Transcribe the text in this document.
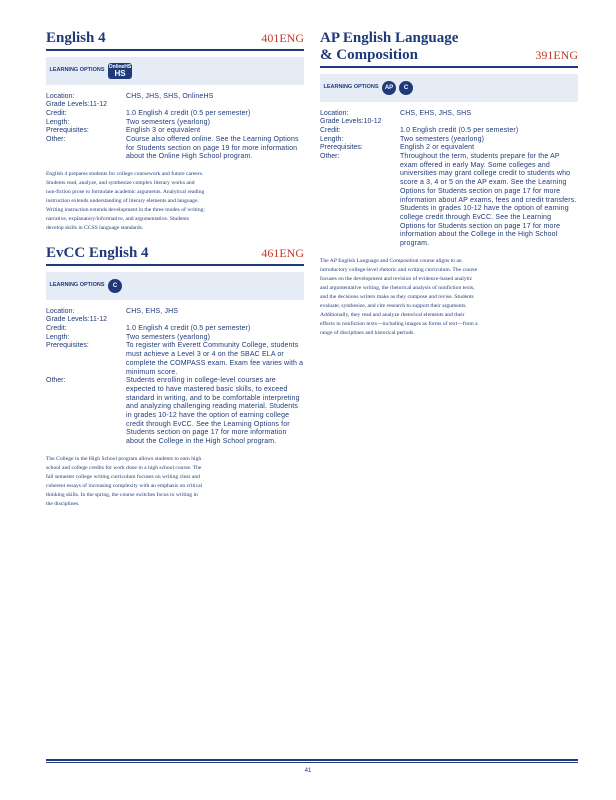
English 4	401ENG
LEARNING OPTIONS
OnlineHS
HS
Location:	CHS, JHS, SHS, OnlineHS
Grade Levels:11-12
Credit:	1.0 English 4 credit (0.5 per semester)
Length:	Two semesters (yearlong)
Prerequisites:	English 3 or equivalent
Other:	Course also offered online. See the Learning Options for Students section on page 19 for more information about the Online High School program.
English 4 prepares students for college coursework and future careers. Students read, analyze, and synthesize complex literary works and non-fiction prose to formulate academic arguments. Analytical reading instruction extends understanding of literary elements and language. Writing instruction extends development in the three modes of writing: narrative, explanatory/informative, and argumentative. Students develop skills in CCSS language standards.
EvCC English 4	461ENG
LEARNING OPTIONS	C
Location:	CHS, EHS, JHS
Grade Levels:11-12
Credit:	1.0 English 4 credit (0.5 per semester)
Length:	Two semesters (yearlong)
Prerequisites:	To register with Everett Community College, students must achieve a Level 3 or 4 on the SBAC ELA or complete the COMPASS exam. Exam fee varies with a minimum score.
Other:	Students enrolling in college-level courses are expected to have mastered basic skills, to exceed standard in writing, and to be comfortable interpreting and analyzing challenging reading material. Students in grades 10-12 have the option of earning college credit through EvCC. See the Learning Options for Students section on page 17 for more information about the College in the High School program.
The College in the High School program allows students to earn high school and college credits for work done in a high school course. The fall semester college writing curriculum focuses on writing clear and coherent essays of increasing complexity with an emphasis on critical thinking skills. In the spring, the course switches focus to writing in the disciplines.
AP English Language
& Composition	391ENG
LEARNING OPTIONS	AP	C
Location:	CHS, EHS, JHS, SHS
Grade Levels:10-12
Credit:	1.0 English credit (0.5 per semester)
Length:	Two semesters (yearlong)
Prerequisites:	English 2 or equivalent
Other:	Throughout the term, students prepare for the AP exam offered in early May. Some colleges and universities may grant college credit to students who score a 3, 4 or 5 on the AP exam. See the Learning Options for Students section on page 17 for more information about AP exams, fees and credit transfers. Students in grades 10-12 have the option of earning college credit through EvCC. See the Learning Options for Students section on page 17 for more information about the College in the High School program.
The AP English Language and Composition course aligns to an introductory college-level rhetoric and writing curriculum. The course focuses on the development and revision of evidence-based analytic and argumentative writing, the rhetorical analysis of nonfiction texts, and the decisions writers make as they compose and revise. Students evaluate, synthesize, and cite research to support their arguments. Additionally, they read and analyze rhetorical elements and their effects in nonfiction texts—including images as forms of text—from a range of disciplines and historical periods.
41
